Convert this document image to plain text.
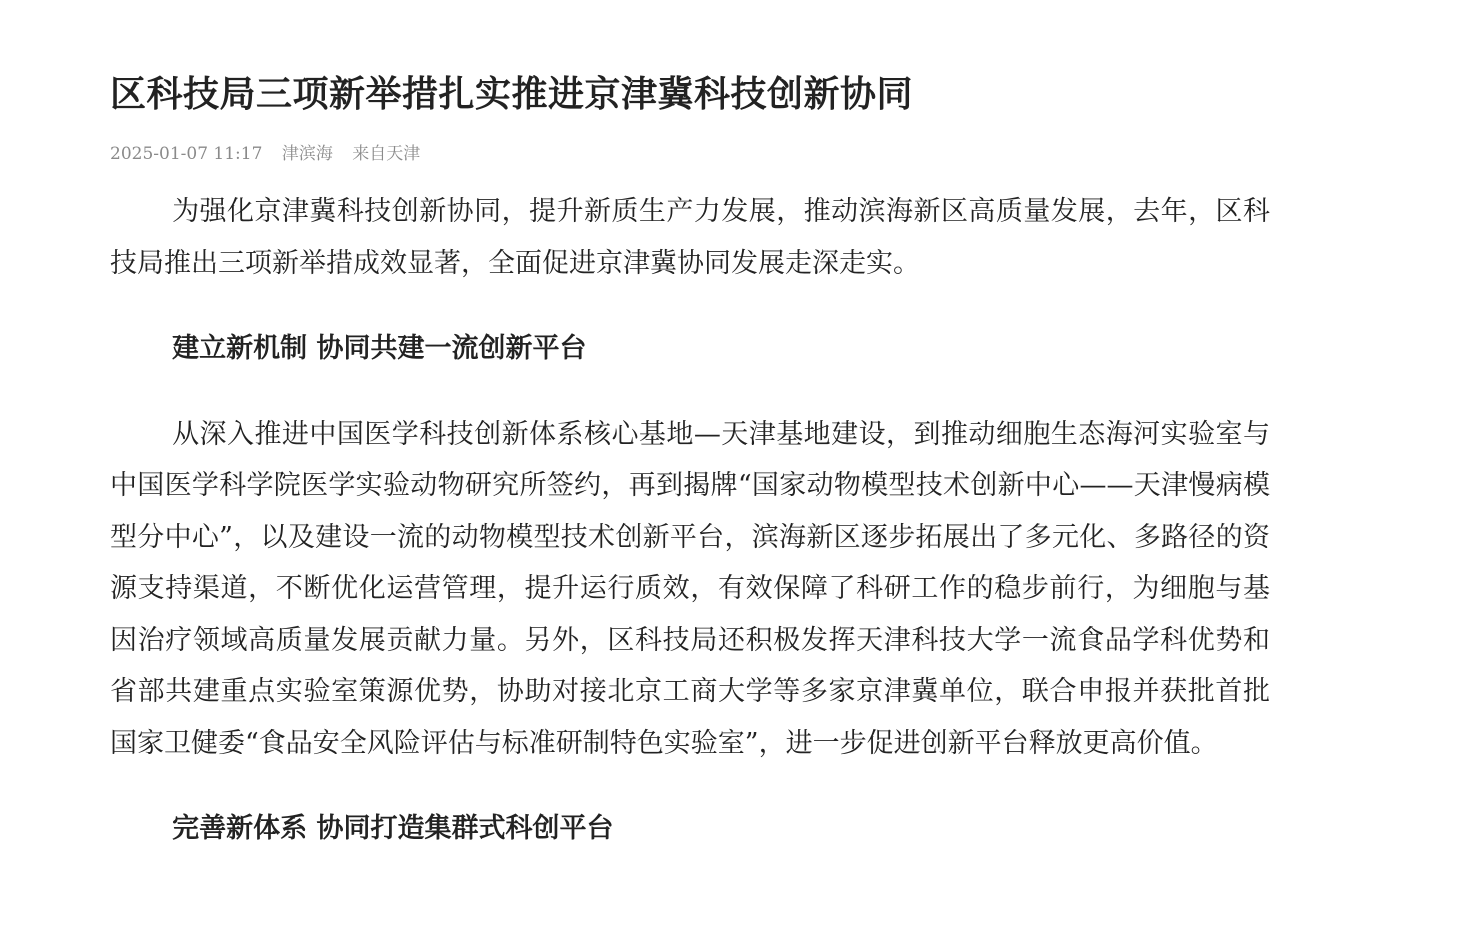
区科技局三项新举措扎实推进京津冀科技创新协同
2025-01-07 11:17 津滨海 来自天津

为强化京津冀科技创新协同，提升新质生产力发展，推动滨海新区高质量发展，去年，区科技局推出三项新举措成效显著，全面促进京津冀协同发展走深走实。

建立新机制 协同共建一流创新平台

从深入推进中国医学科技创新体系核心基地—天津基地建设，到推动细胞生态海河实验室与中国医学科学院医学实验动物研究所签约，再到揭牌“国家动物模型技术创新中心——天津慢病模型分中心”，以及建设一流的动物模型技术创新平台，滨海新区逐步拓展出了多元化、多路径的资源支持渠道，不断优化运营管理，提升运行质效，有效保障了科研工作的稳步前行，为细胞与基因治疗领域高质量发展贡献力量。另外，区科技局还积极发挥天津科技大学一流食品学科优势和省部共建重点实验室策源优势，协助对接北京工商大学等多家京津冀单位，联合申报并获批首批国家卫健委“食品安全风险评估与标准研制特色实验室”，进一步促进创新平台释放更高价值。

完善新体系 协同打造集群式科创平台
